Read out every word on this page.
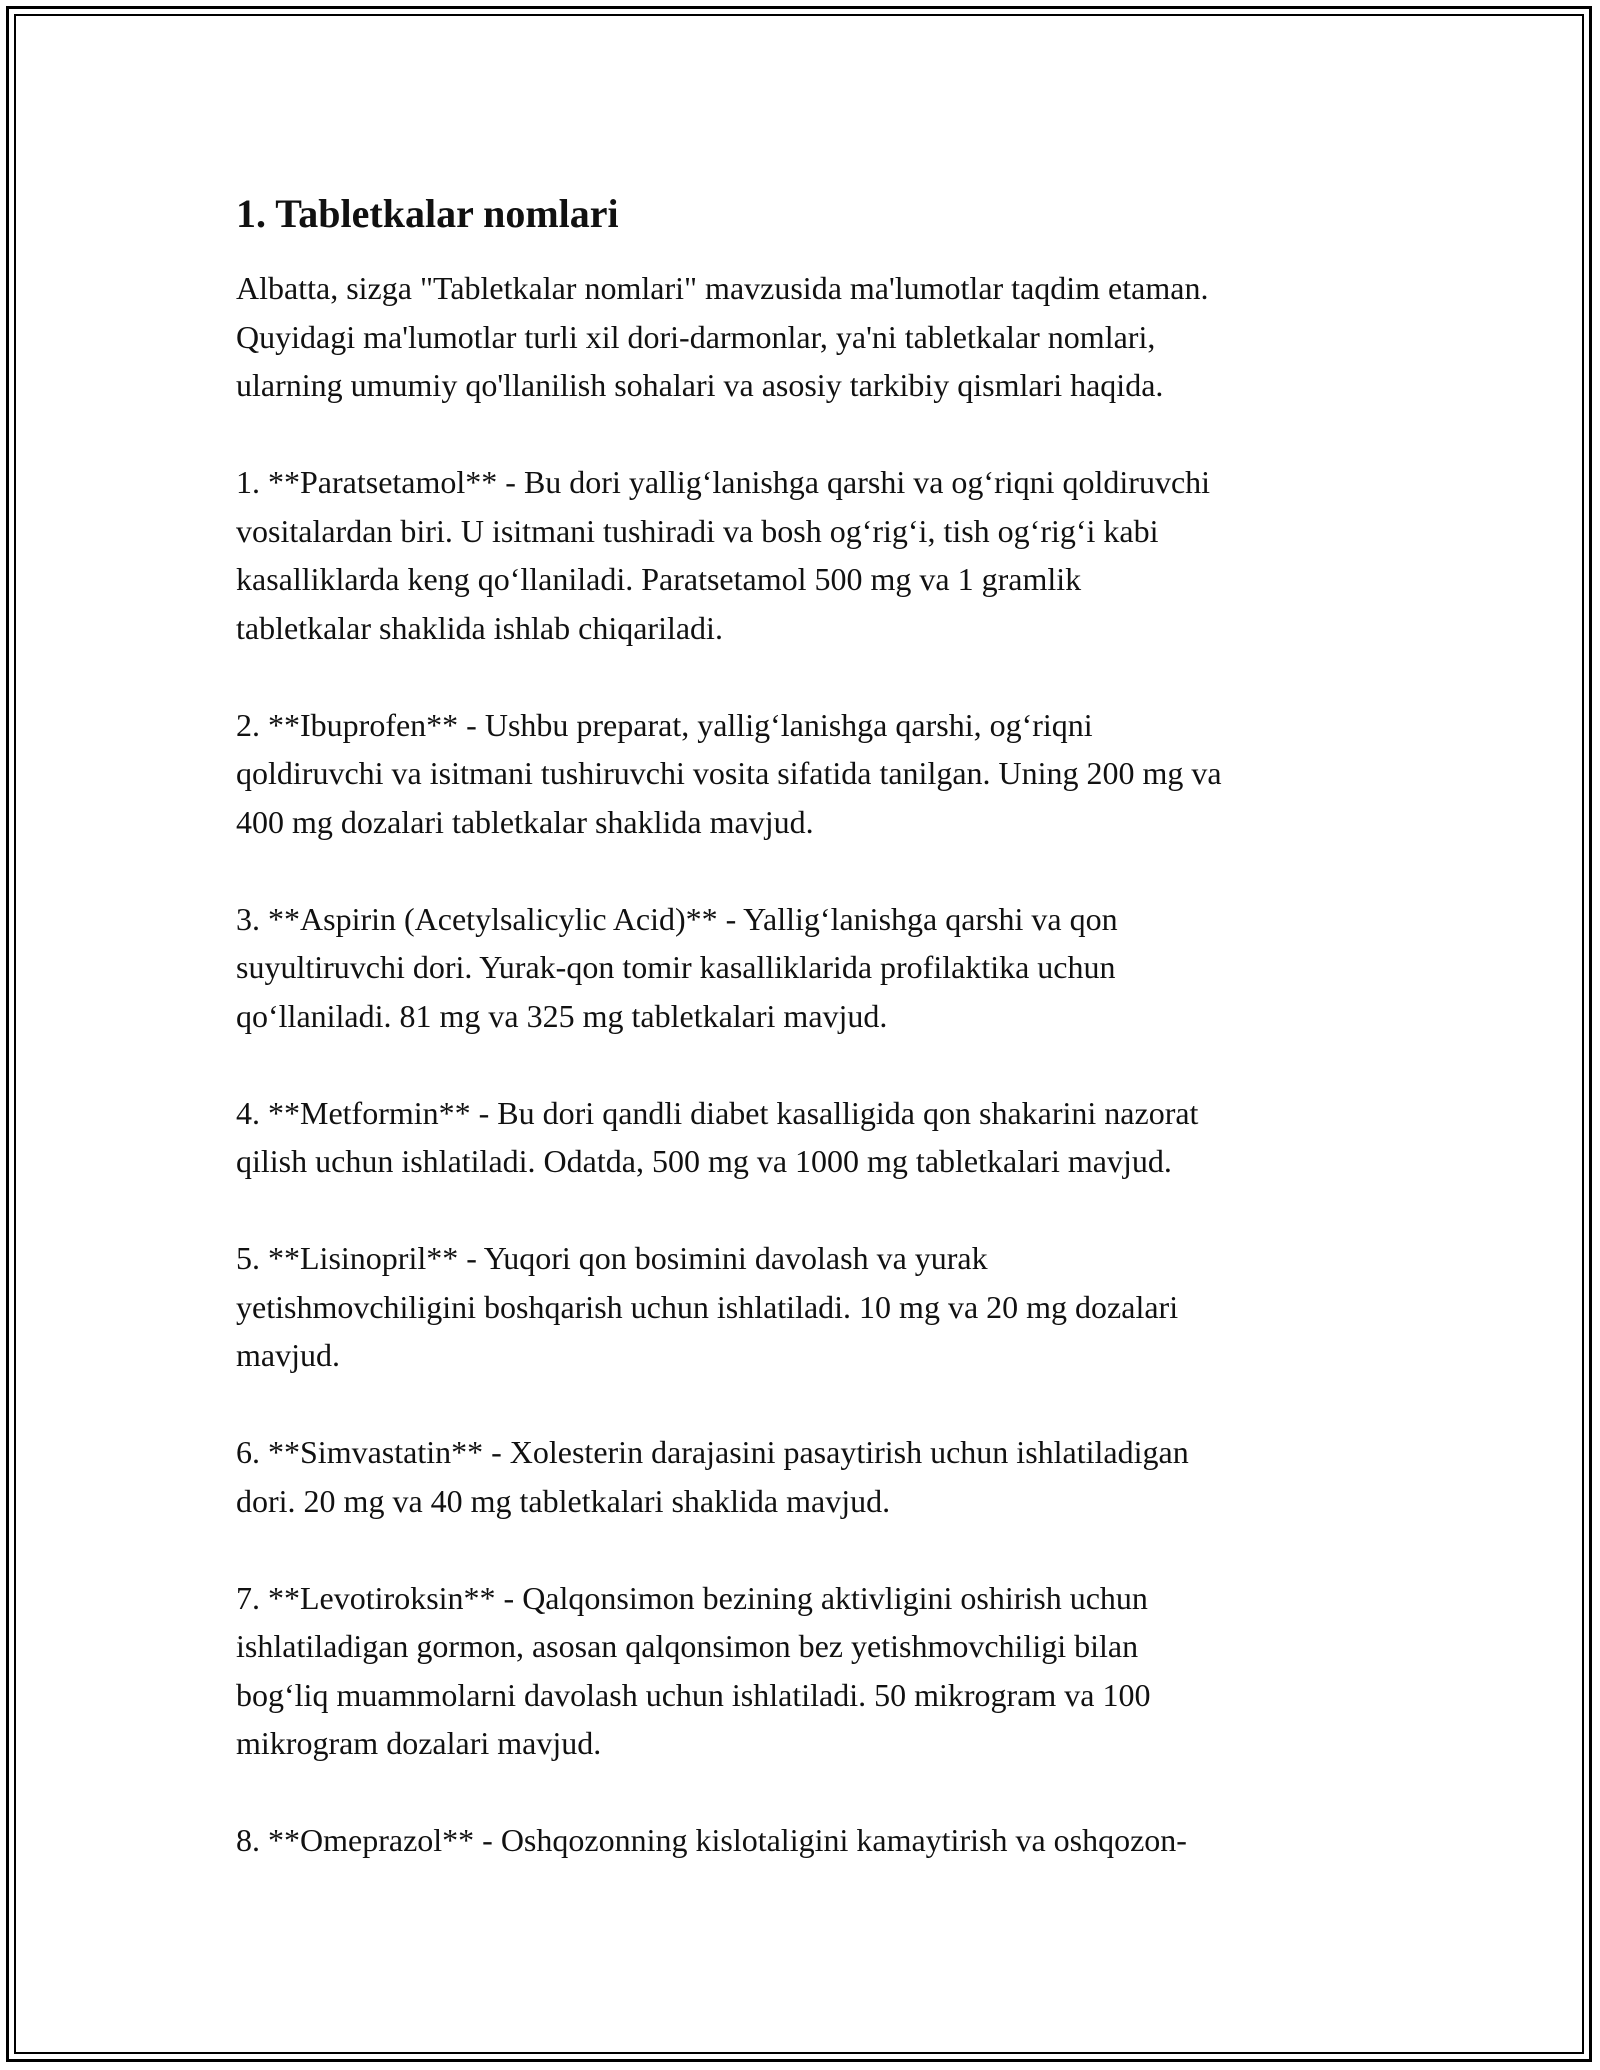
1. Tabletkalar nomlari

Albatta, sizga "Tabletkalar nomlari" mavzusida ma'lumotlar taqdim etaman.
Quyidagi ma'lumotlar turli xil dori-darmonlar, ya'ni tabletkalar nomlari,
ularning umumiy qo'llanilish sohalari va asosiy tarkibiy qismlari haqida.

1. **Paratsetamol** - Bu dori yallig‘lanishga qarshi va og‘riqni qoldiruvchi
vositalardan biri. U isitmani tushiradi va bosh og‘rig‘i, tish og‘rig‘i kabi
kasalliklarda keng qo‘llaniladi. Paratsetamol 500 mg va 1 gramlik
tabletkalar shaklida ishlab chiqariladi.

2. **Ibuprofen** - Ushbu preparat, yallig‘lanishga qarshi, og‘riqni
qoldiruvchi va isitmani tushiruvchi vosita sifatida tanilgan. Uning 200 mg va
400 mg dozalari tabletkalar shaklida mavjud.

3. **Aspirin (Acetylsalicylic Acid)** - Yallig‘lanishga qarshi va qon
suyultiruvchi dori. Yurak-qon tomir kasalliklarida profilaktika uchun
qo‘llaniladi. 81 mg va 325 mg tabletkalari mavjud.

4. **Metformin** - Bu dori qandli diabet kasalligida qon shakarini nazorat
qilish uchun ishlatiladi. Odatda, 500 mg va 1000 mg tabletkalari mavjud.

5. **Lisinopril** - Yuqori qon bosimini davolash va yurak
yetishmovchiligini boshqarish uchun ishlatiladi. 10 mg va 20 mg dozalari
mavjud.

6. **Simvastatin** - Xolesterin darajasini pasaytirish uchun ishlatiladigan
dori. 20 mg va 40 mg tabletkalari shaklida mavjud.

7. **Levotiroksin** - Qalqonsimon bezining aktivligini oshirish uchun
ishlatiladigan gormon, asosan qalqonsimon bez yetishmovchiligi bilan
bog‘liq muammolarni davolash uchun ishlatiladi. 50 mikrogram va 100
mikrogram dozalari mavjud.

8. **Omeprazol** - Oshqozonning kislotaligini kamaytirish va oshqozon-
